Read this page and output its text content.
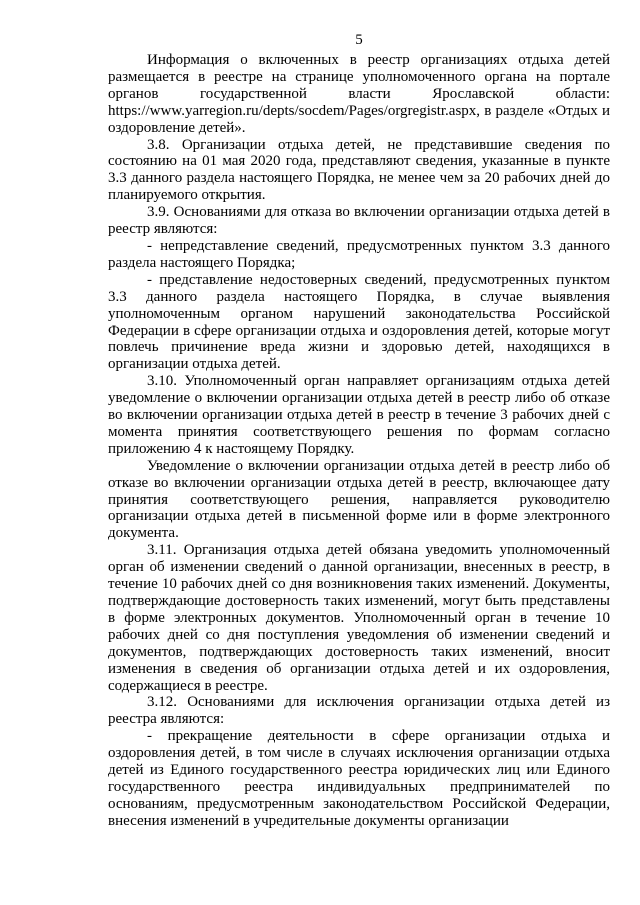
5

Информация о включенных в реестр организациях отдыха детей размещается в реестре на странице уполномоченного органа на портале органов государственной власти Ярославской области: https://www.yarregion.ru/depts/socdem/Pages/orgregistr.aspx, в разделе «Отдых и оздоровление детей».

3.8. Организации отдыха детей, не представившие сведения по состоянию на 01 мая 2020 года, представляют сведения, указанные в пункте 3.3 данного раздела настоящего Порядка, не менее чем за 20 рабочих дней до планируемого открытия.

3.9. Основаниями для отказа во включении организации отдыха детей в реестр являются:

- непредставление сведений, предусмотренных пунктом 3.3 данного раздела настоящего Порядка;

- представление недостоверных сведений, предусмотренных пунктом 3.3 данного раздела настоящего Порядка, в случае выявления уполномоченным органом нарушений законодательства Российской Федерации в сфере организации отдыха и оздоровления детей, которые могут повлечь причинение вреда жизни и здоровью детей, находящихся в организации отдыха детей.

3.10. Уполномоченный орган направляет организациям отдыха детей уведомление о включении организации отдыха детей в реестр либо об отказе во включении организации отдыха детей в реестр в течение 3 рабочих дней с момента принятия соответствующего решения по формам согласно приложению 4 к настоящему Порядку.

Уведомление о включении организации отдыха детей в реестр либо об отказе во включении организации отдыха детей в реестр, включающее дату принятия соответствующего решения, направляется руководителю организации отдыха детей в письменной форме или в форме электронного документа.

3.11. Организация отдыха детей обязана уведомить уполномоченный орган об изменении сведений о данной организации, внесенных в реестр, в течение 10 рабочих дней со дня возникновения таких изменений. Документы, подтверждающие достоверность таких изменений, могут быть представлены в форме электронных документов. Уполномоченный орган в течение 10 рабочих дней со дня поступления уведомления об изменении сведений и документов, подтверждающих достоверность таких изменений, вносит изменения в сведения об организации отдыха детей и их оздоровления, содержащиеся в реестре.

3.12. Основаниями для исключения организации отдыха детей из реестра являются:

- прекращение деятельности в сфере организации отдыха и оздоровления детей, в том числе в случаях исключения организации отдыха детей из Единого государственного реестра юридических лиц или Единого государственного реестра индивидуальных предпринимателей по основаниям, предусмотренным законодательством Российской Федерации, внесения изменений в учредительные документы организации
